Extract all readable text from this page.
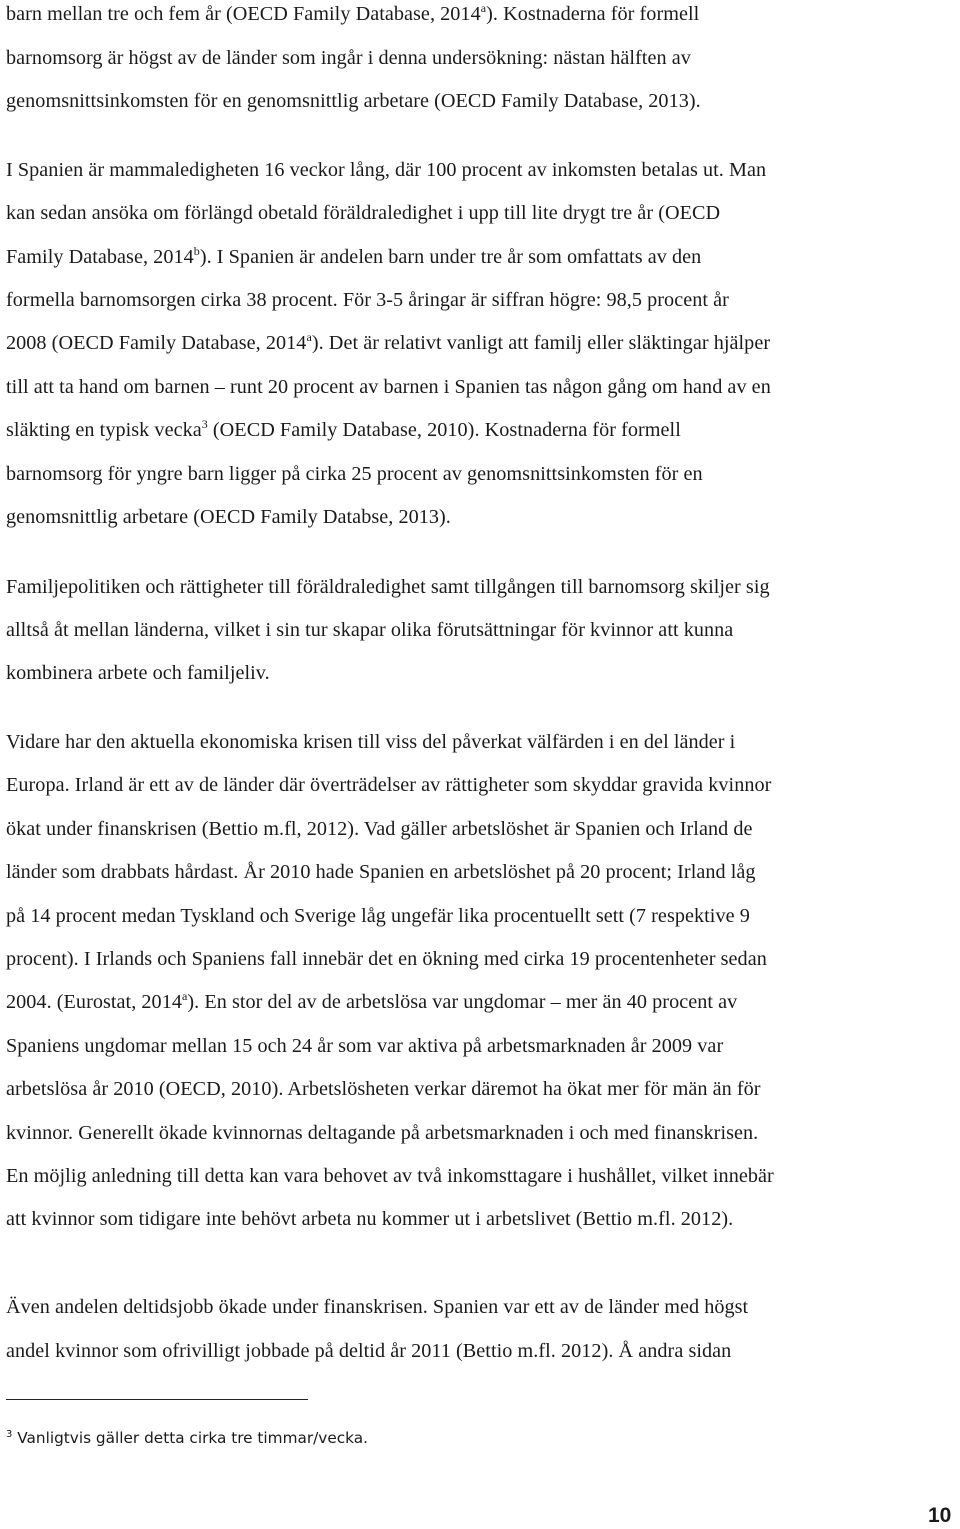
barn mellan tre och fem år (OECD Family Database, 2014$^a$). Kostnaderna för formell
barnomsorg är högst av de länder som ingår i denna undersökning: nästan hälften av
genomsnittsinkomsten för en genomsnittlig arbetare (OECD Family Database, 2013).
I Spanien är mammaledigheten 16 veckor lång, där 100 procent av inkomsten betalas ut. Man
kan sedan ansöka om förlängd obetald föräldraledighet i upp till lite drygt tre år (OECD
Family Database, 2014$^b$). I Spanien är andelen barn under tre år som omfattats av den
formella barnomsorgen cirka 38 procent. För 3-5 åringar är siffran högre: 98,5 procent år
2008 (OECD Family Database, 2014$^a$). Det är relativt vanligt att familj eller släktingar hjälper
till att ta hand om barnen – runt 20 procent av barnen i Spanien tas någon gång om hand av en
släkting en typisk vecka$^3$ (OECD Family Database, 2010). Kostnaderna för formell
barnomsorg för yngre barn ligger på cirka 25 procent av genomsnittsinkomsten för en
genomsnittlig arbetare (OECD Family Databse, 2013).
Familjepolitiken och rättigheter till föräldraledighet samt tillgången till barnomsorg skiljer sig
alltså åt mellan länderna, vilket i sin tur skapar olika förutsättningar för kvinnor att kunna
kombinera arbete och familjeliv.
Vidare har den aktuella ekonomiska krisen till viss del påverkat välfärden i en del länder i
Europa. Irland är ett av de länder där överträdelser av rättigheter som skyddar gravida kvinnor
ökat under finanskrisen (Bettio m.fl, 2012). Vad gäller arbetslöshet är Spanien och Irland de
länder som drabbats hårdast. År 2010 hade Spanien en arbetslöshet på 20 procent; Irland låg
på 14 procent medan Tyskland och Sverige låg ungefär lika procentuellt sett (7 respektive 9
procent). I Irlands och Spaniens fall innebär det en ökning med cirka 19 procentenheter sedan
2004. (Eurostat, 2014$^a$). En stor del av de arbetslösa var ungdomar – mer än 40 procent av
Spaniens ungdomar mellan 15 och 24 år som var aktiva på arbetsmarknaden år 2009 var
arbetslösa år 2010 (OECD, 2010). Arbetslösheten verkar däremot ha ökat mer för män än för
kvinnor. Generellt ökade kvinnornas deltagande på arbetsmarknaden i och med finanskrisen.
En möjlig anledning till detta kan vara behovet av två inkomsttagare i hushållet, vilket innebär
att kvinnor som tidigare inte behövt arbeta nu kommer ut i arbetslivet (Bettio m.fl. 2012).
Även andelen deltidsjobb ökade under finanskrisen. Spanien var ett av de länder med högst
andel kvinnor som ofrivilligt jobbade på deltid år 2011 (Bettio m.fl. 2012). Å andra sidan
$^3$ Vanligtvis gäller detta cirka tre timmar/vecka.
10
